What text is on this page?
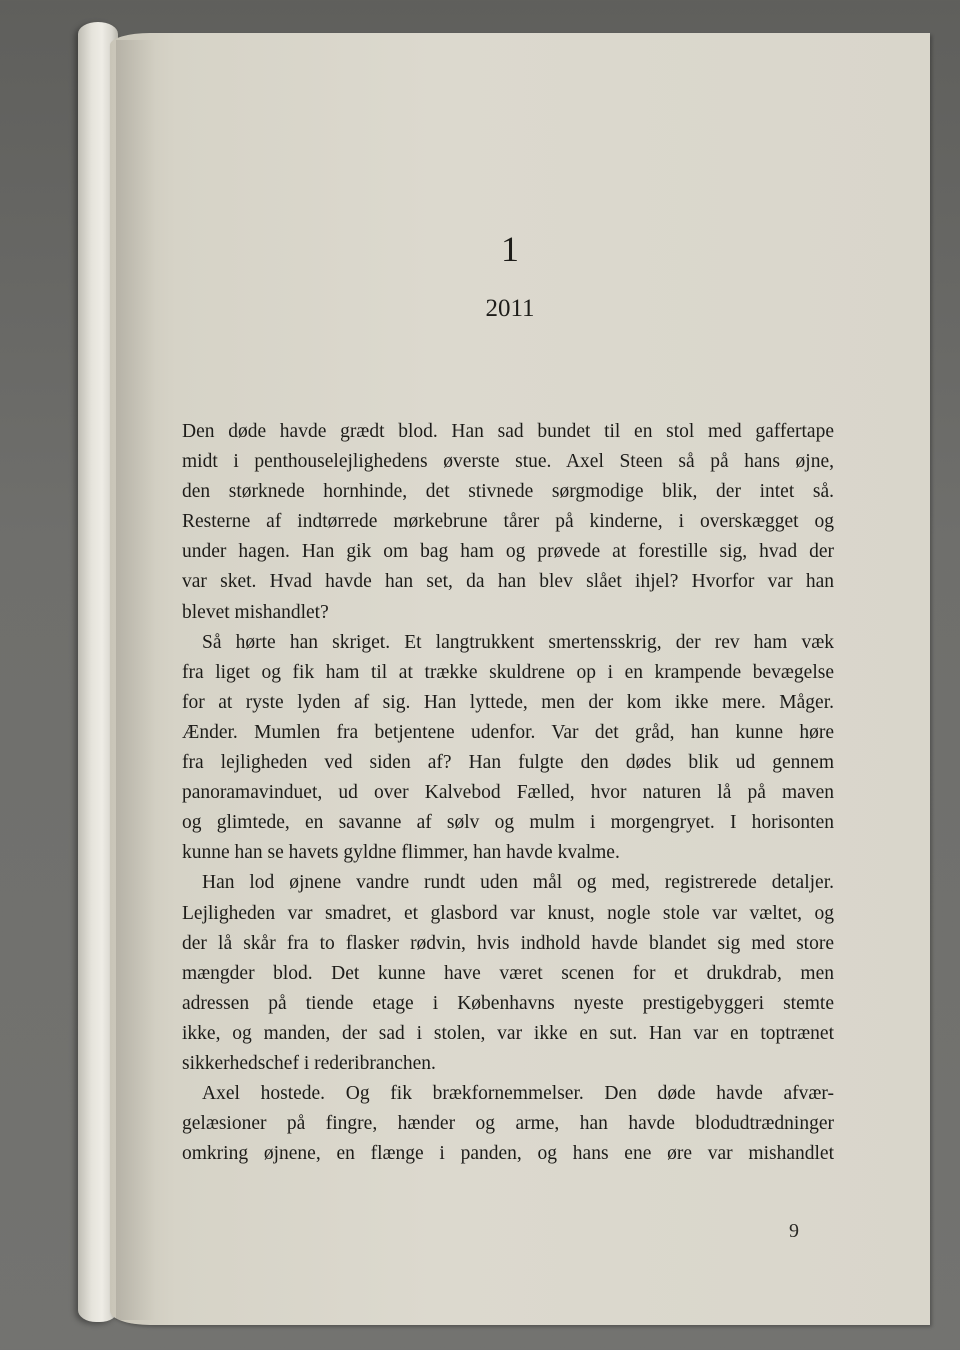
1
2011
Den døde havde grædt blod. Han sad bundet til en stol med gaffertape
midt i penthouselejlighedens øverste stue. Axel Steen så på hans øjne,
den størknede hornhinde, det stivnede sørgmodige blik, der intet så.
Resterne af indtørrede mørkebrune tårer på kinderne, i overskægget og
under hagen. Han gik om bag ham og prøvede at forestille sig, hvad der
var sket. Hvad havde han set, da han blev slået ihjel? Hvorfor var han
blevet mishandlet?
Så hørte han skriget. Et langtrukkent smertensskrig, der rev ham væk
fra liget og fik ham til at trække skuldrene op i en krampende bevægelse
for at ryste lyden af sig. Han lyttede, men der kom ikke mere. Måger.
Ænder. Mumlen fra betjentene udenfor. Var det gråd, han kunne høre
fra lejligheden ved siden af? Han fulgte den dødes blik ud gennem
panoramavinduet, ud over Kalvebod Fælled, hvor naturen lå på maven
og glimtede, en savanne af sølv og mulm i morgengryet. I horisonten
kunne han se havets gyldne flimmer, han havde kvalme.
Han lod øjnene vandre rundt uden mål og med, registrerede detaljer.
Lejligheden var smadret, et glasbord var knust, nogle stole var væltet, og
der lå skår fra to flasker rødvin, hvis indhold havde blandet sig med store
mængder blod. Det kunne have været scenen for et drukdrab, men
adressen på tiende etage i Københavns nyeste prestigebyggeri stemte
ikke, og manden, der sad i stolen, var ikke en sut. Han var en toptrænet
sikkerhedschef i rederibranchen.
Axel hostede. Og fik brækfornemmelser. Den døde havde afvær-
gelæsioner på fingre, hænder og arme, han havde blodudtrædninger
omkring øjnene, en flænge i panden, og hans ene øre var mishandlet
9
